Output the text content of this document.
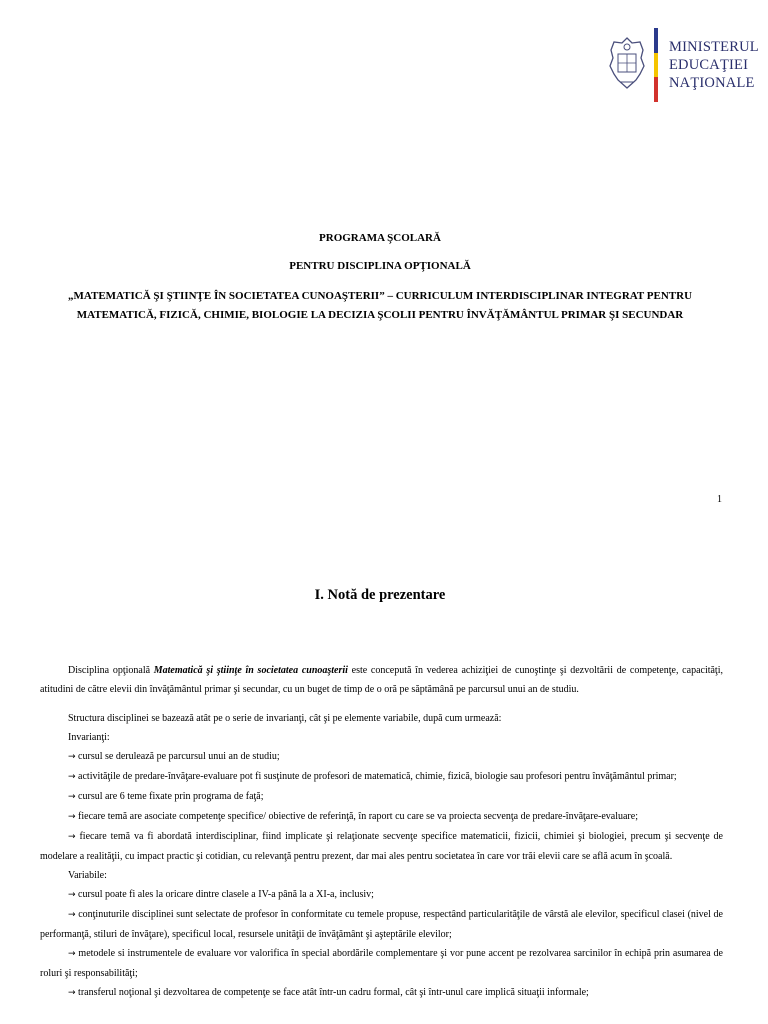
MINISTERUL
EDUCAŢIEI
NAŢIONALE
PROGRAMA ŞCOLARĂ
PENTRU DISCIPLINA OPŢIONALĂ
„MATEMATICĂ ŞI ŞTIINŢE ÎN SOCIETATEA CUNOAŞTERII” – CURRICULUM INTERDISCIPLINAR INTEGRAT PENTRU MATEMATICĂ, FIZICĂ, CHIMIE, BIOLOGIE LA DECIZIA ŞCOLII PENTRU ÎNVĂŢĂMÂNTUL PRIMAR ŞI SECUNDAR
1
I. Notă de prezentare
Disciplina opţională Matematică şi ştiinţe în societatea cunoaşterii este concepută în vederea achiziţiei de cunoştinţe şi dezvoltării de competenţe, capacităţi, atitudini de către elevii din învăţământul primar şi secundar, cu un buget de timp de o oră pe săptămână pe parcursul unui an de studiu.

Structura disciplinei se bazează atât pe o serie de invarianţi, cât şi pe elemente variabile, după cum urmează:

Invarianţi:

→ cursul se derulează pe parcursul unui an de studiu;

→ activităţile de predare-învăţare-evaluare pot fi susţinute de profesori de matematică, chimie, fizică, biologie sau profesori pentru învăţământul primar;

→ cursul are 6 teme fixate prin programa de faţă;

→ fiecare temă are asociate competenţe specifice/ obiective de referinţă, în raport cu care se va proiecta secvenţa de predare-învăţare-evaluare;

→ fiecare temă va fi abordată interdisciplinar, fiind implicate şi relaţionate secvenţe specifice matematicii, fizicii, chimiei şi biologiei, precum şi secvenţe de modelare a realităţii, cu impact practic şi cotidian, cu relevanţă pentru prezent, dar mai ales pentru societatea în care vor trăi elevii care se află acum în şcoală.

Variabile:

→ cursul poate fi ales la oricare dintre clasele a IV-a până la a XI-a, inclusiv;

→ conţinuturile disciplinei sunt selectate de profesor în conformitate cu temele propuse, respectând particularităţile de vârstă ale elevilor, specificul clasei (nivel de performanţă, stiluri de învăţare), specificul local, resursele unităţii de învăţământ şi aşteptările elevilor;

→ metodele si instrumentele de evaluare vor valorifica în special abordările complementare şi vor pune accent pe rezolvarea sarcinilor în echipă prin asumarea de roluri şi responsabilităţi;

→ transferul noţional şi dezvoltarea de competenţe se face atât într-un cadru formal, cât şi într-unul care implică situaţii informale;
